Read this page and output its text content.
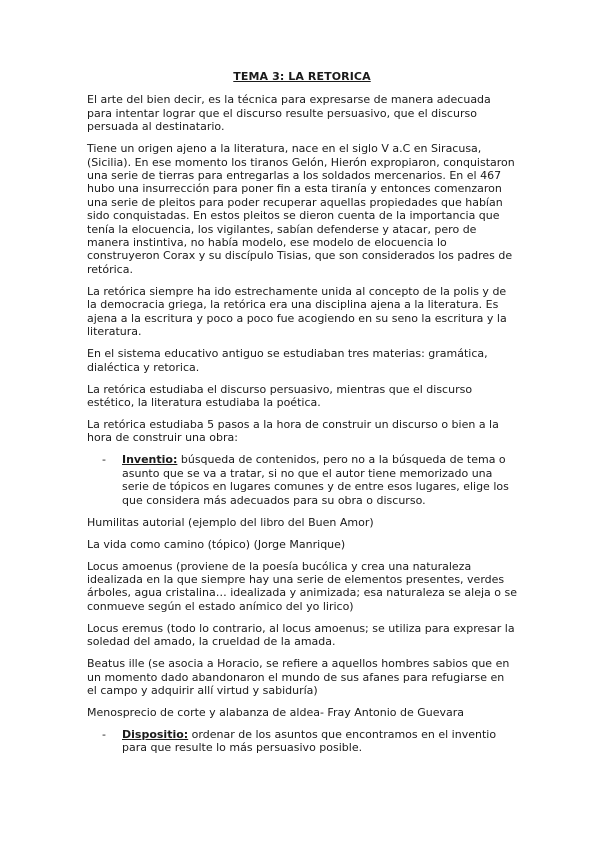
TEMA 3: LA RETORICA

El arte del bien decir, es la técnica para expresarse de manera adecuada para intentar lograr que el discurso resulte persuasivo, que el discurso persuada al destinatario.

Tiene un origen ajeno a la literatura, nace en el siglo V a.C en Siracusa, (Sicilia). En ese momento los tiranos Gelón, Hierón expropiaron, conquistaron una serie de tierras para entregarlas a los soldados mercenarios. En el 467 hubo una insurrección para poner fin a esta tiranía y entonces comenzaron una serie de pleitos para poder recuperar aquellas propiedades que habían sido conquistadas. En estos pleitos se dieron cuenta de la importancia que tenía la elocuencia, los vigilantes, sabían defenderse y atacar, pero de manera instintiva, no había modelo, ese modelo de elocuencia lo construyeron Corax y su discípulo Tisias, que son considerados los padres de retórica.

La retórica siempre ha ido estrechamente unida al concepto de la polis y de la democracia griega, la retórica era una disciplina ajena a la literatura. Es ajena a la escritura y poco a poco fue acogiendo en su seno la escritura y la literatura.

En el sistema educativo antiguo se estudiaban tres materias: gramática, dialéctica y retorica.

La retórica estudiaba el discurso persuasivo, mientras que el discurso estético, la literatura estudiaba la poética.

La retórica estudiaba 5 pasos a la hora de construir un discurso o bien a la hora de construir una obra:

-	Inventio: búsqueda de contenidos, pero no a la búsqueda de tema o asunto que se va a tratar, si no que el autor tiene memorizado una serie de tópicos en lugares comunes y de entre esos lugares, elige los que considera más adecuados para su obra o discurso.

Humilitas autorial (ejemplo del libro del Buen Amor)

La vida como camino (tópico) (Jorge Manrique)

Locus amoenus (proviene de la poesía bucólica y crea una naturaleza idealizada en la que siempre hay una serie de elementos presentes, verdes árboles, agua cristalina… idealizada y animizada; esa naturaleza se aleja o se conmueve según el estado anímico del yo lirico)

Locus eremus (todo lo contrario, al locus amoenus; se utiliza para expresar la soledad del amado, la crueldad de la amada.

Beatus ille (se asocia a Horacio, se refiere a aquellos hombres sabios que en un momento dado abandonaron el mundo de sus afanes para refugiarse en el campo y adquirir allí virtud y sabiduría)

Menosprecio de corte y alabanza de aldea- Fray Antonio de Guevara

-	Dispositio: ordenar de los asuntos que encontramos en el inventio para que resulte lo más persuasivo posible.
